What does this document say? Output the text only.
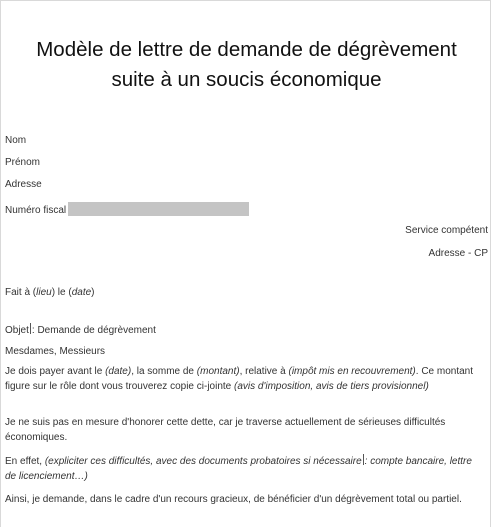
Modèle de lettre de demande de dégrèvement
suite à un soucis économique
Nom
Prénom
Adresse
Numéro fiscal
Service compétent
Adresse - CP
Fait à (lieu) le (date)
Objet : Demande de dégrèvement
Mesdames, Messieurs
Je dois payer avant le (date), la somme de (montant), relative à (impôt mis en recouvrement). Ce montant figure sur le rôle dont vous trouverez copie ci-jointe (avis d'imposition, avis de tiers provisionnel)
Je ne suis pas en mesure d'honorer cette dette, car je traverse actuellement de sérieuses difficultés économiques.
En effet, (expliciter ces difficultés, avec des documents probatoires si nécessaire : compte bancaire, lettre de licenciement…)
Ainsi, je demande, dans le cadre d'un recours gracieux, de bénéficier d'un dégrèvement total ou partiel.
